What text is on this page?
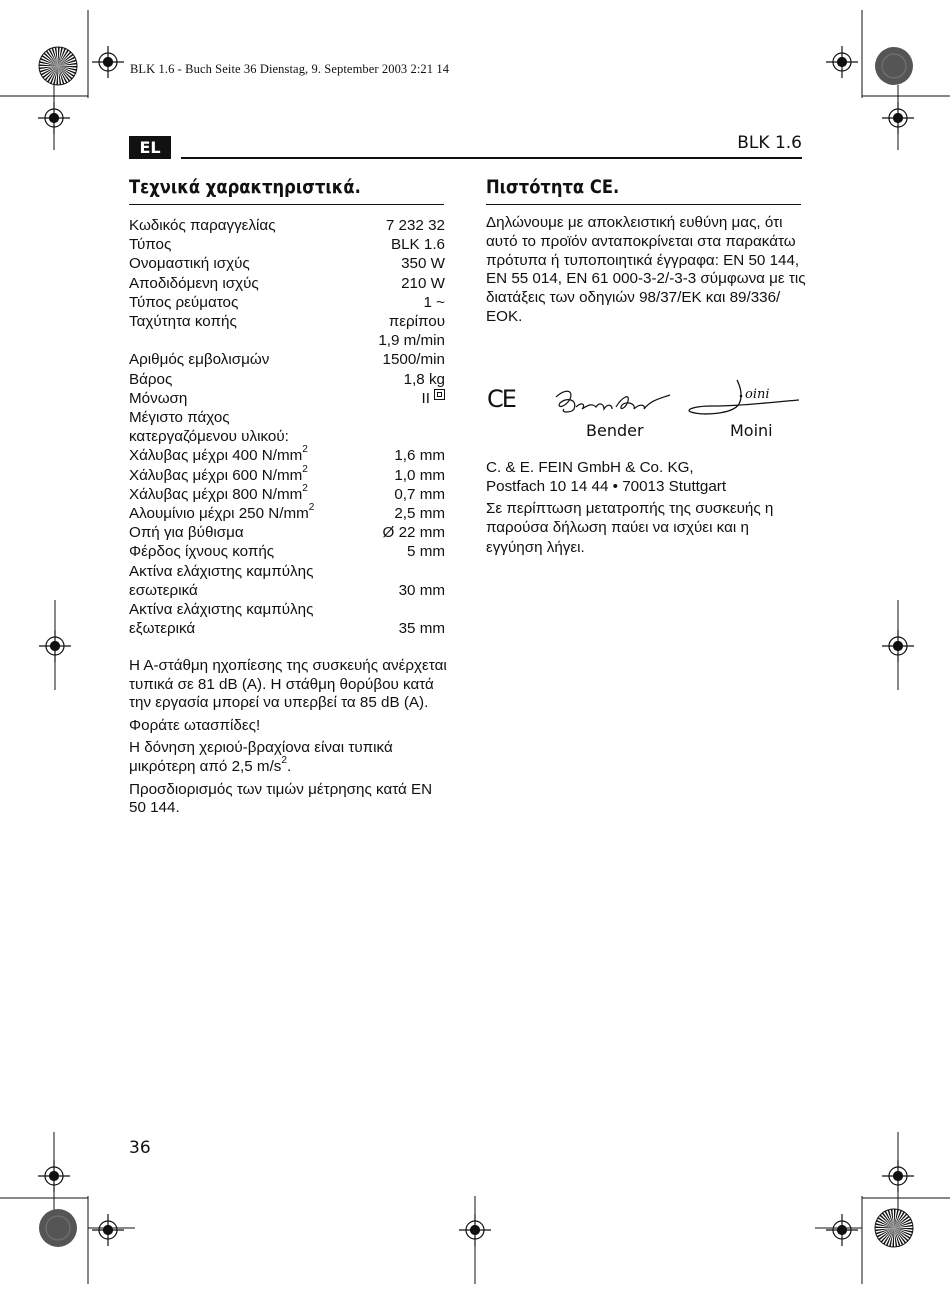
BLK 1.6 - Buch Seite 36 Dienstag, 9. September 2003 2:21 14
EL	BLK 1.6
Τεχνικά χαρακτηριστικά.
Κωδικός παραγγελίας	7 232 32
Τύπος	BLK 1.6
Ονομαστική ισχύς	350 W
Αποδιδόμενη ισχύς	210 W
Τύπος ρεύματος	1 ~
Ταχύτητα κοπής	περίπου
1,9 m/min
Αριθμός εμβολισμών	1500/min
Βάρος	1,8 kg
Μόνωση	II
Μέγιστο πάχος
κατεργαζόμενου υλικού:
Χάλυβας μέχρι 400 $N/mm^2$	1,6 mm
Χάλυβας μέχρι 600 $N/mm^2$	1,0 mm
Χάλυβας μέχρι 800 $N/mm^2$	0,7 mm
Αλουμίνιο μέχρι 250 $N/mm^2$	2,5 mm
Οπή για βύθισμα	Ø 22 mm
Φέρδος ίχνους κοπής	5 mm
Ακτίνα ελάχιστης καμπύλης
εσωτερικά	30 mm
Ακτίνα ελάχιστης καμπύλης
εξωτερικά	35 mm

Η Α-στάθμη ηχοπίεσης της συσκευής ανέρχεται τυπικά σε 81 dB (A). Η στάθμη θορύβου κατά την εργασία μπορεί να υπερβεί τα 85 dB (A).

Φοράτε ωτασπίδες!

Η δόνηση χεριού-βραχίονα είναι τυπικά μικρότερη από 2,5 $m/s^2$.

Προσδιορισμός των τιμών μέτρησης κατά EN 50 144.

Πιστότητα CE.
Δηλώνουμε με αποκλειστική ευθύνη μας, ότι αυτό το προϊόν ανταποκρίνεται στα παρακάτω πρότυπα ή τυποποιητικά έγγραφα: EN 50 144, EN 55 014, EN 61 000-3-2/-3-3 σύμφωνα με τις διατάξεις των οδηγιών 98/37/ΕΚ και 89/336/ΕΟΚ.
CE	oini
Bender	Moini
C. & E. FEIN GmbH & Co. KG,

Postfach 10 14 44 • 70013 Stuttgart

Σε περίπτωση μετατροπής της συσκευής η παρούσα δήλωση παύει να ισχύει και η εγγύηση λήγει.

36
